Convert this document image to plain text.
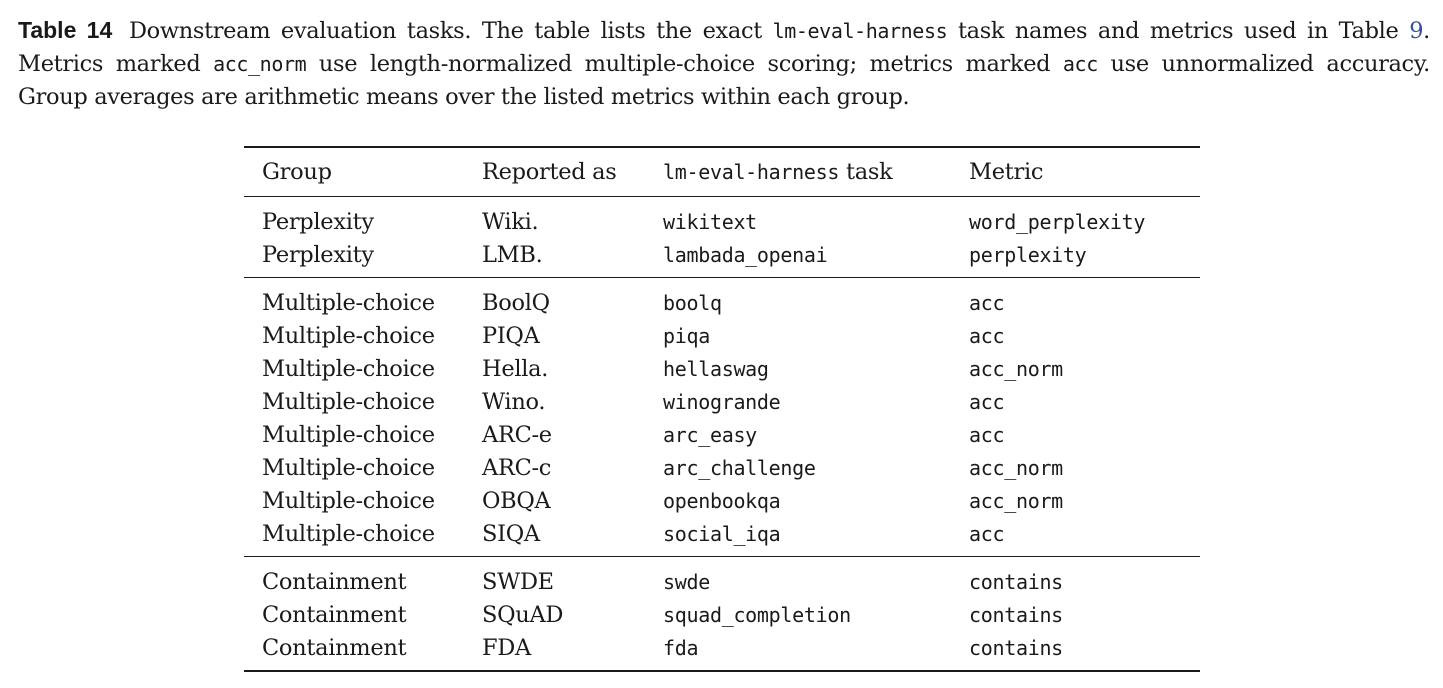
Table 14 Downstream evaluation tasks. The table lists the exact lm-eval-harness task names and metrics used in Table 9. Metrics marked acc_norm use length-normalized multiple-choice scoring; metrics marked acc use unnormalized accuracy. Group averages are arithmetic means over the listed metrics within each group.
Group	Reported as	lm-eval-harness task	Metric
Perplexity	Wiki.	wikitext	word_perplexity
Perplexity	LMB.	lambada_openai	perplexity
Multiple-choice	BoolQ	boolq	acc
Multiple-choice	PIQA	piqa	acc
Multiple-choice	Hella.	hellaswag	acc_norm
Multiple-choice	Wino.	winogrande	acc
Multiple-choice	ARC-e	arc_easy	acc
Multiple-choice	ARC-c	arc_challenge	acc_norm
Multiple-choice	OBQA	openbookqa	acc_norm
Multiple-choice	SIQA	social_iqa	acc
Containment	SWDE	swde	contains
Containment	SQuAD	squad_completion	contains
Containment	FDA	fda	contains
